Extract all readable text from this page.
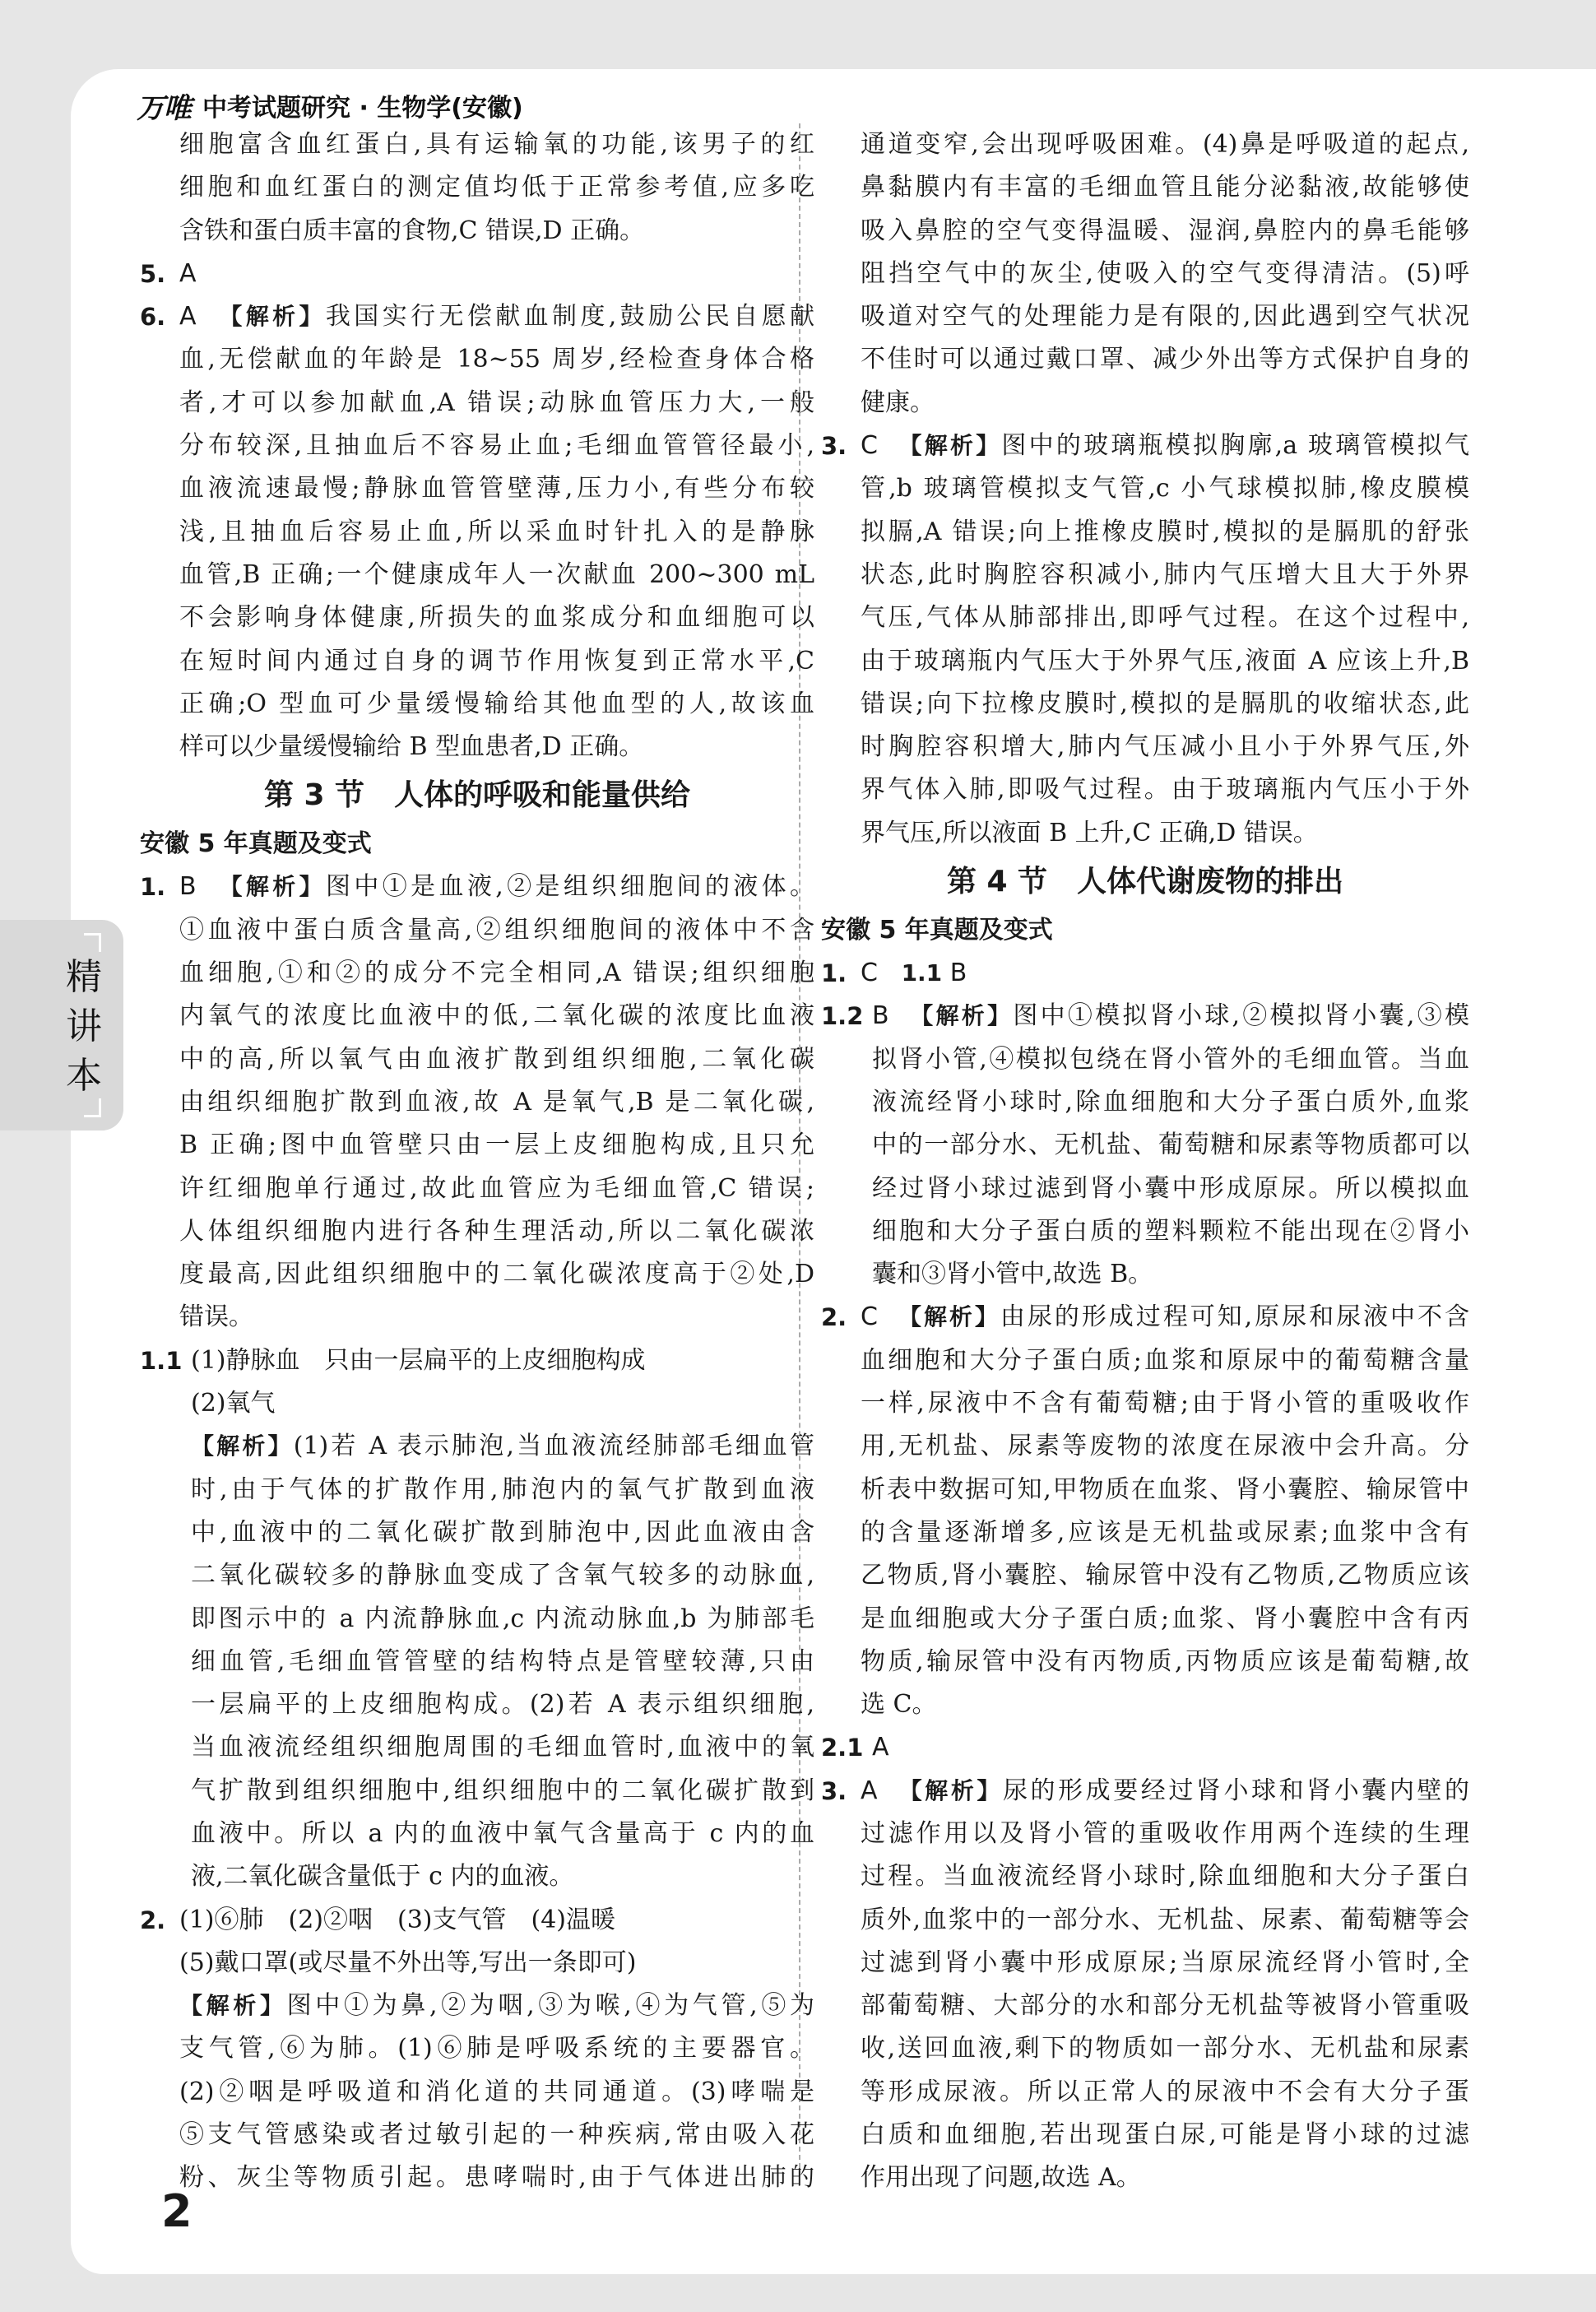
万唯 中考试题研究 · 生物学(安徽)
精讲本
细胞富含血红蛋白,具有运输氧的功能,该男子的红
细胞和血红蛋白的测定值均低于正常参考值,应多吃
含铁和蛋白质丰富的食物,C 错误,D 正确。
5. A
6. A 【解析】我国实行无偿献血制度,鼓励公民自愿献
血,无偿献血的年龄是 18~55 周岁,经检查身体合格
者,才可以参加献血,A 错误;动脉血管压力大,一般
分布较深,且抽血后不容易止血;毛细血管管径最小,
血液流速最慢;静脉血管管壁薄,压力小,有些分布较
浅,且抽血后容易止血,所以采血时针扎入的是静脉
血管,B 正确;一个健康成年人一次献血 200~300 mL
不会影响身体健康,所损失的血浆成分和血细胞可以
在短时间内通过自身的调节作用恢复到正常水平,C
正确;O 型血可少量缓慢输给其他血型的人,故该血
样可以少量缓慢输给 B 型血患者,D 正确。

第 3 节　人体的呼吸和能量供给

安徽 5 年真题及变式

1. B 【解析】图中①是血液,②是组织细胞间的液体。
①血液中蛋白质含量高,②组织细胞间的液体中不含
血细胞,①和②的成分不完全相同,A 错误;组织细胞
内氧气的浓度比血液中的低,二氧化碳的浓度比血液
中的高,所以氧气由血液扩散到组织细胞,二氧化碳
由组织细胞扩散到血液,故 A 是氧气,B 是二氧化碳,
B 正确;图中血管壁只由一层上皮细胞构成,且只允
许红细胞单行通过,故此血管应为毛细血管,C 错误;
人体组织细胞内进行各种生理活动,所以二氧化碳浓
度最高,因此组织细胞中的二氧化碳浓度高于②处,D
错误。
1.1 (1)静脉血　只由一层扁平的上皮细胞构成
(2)氧气
【解析】(1)若 A 表示肺泡,当血液流经肺部毛细血管
时,由于气体的扩散作用,肺泡内的氧气扩散到血液
中,血液中的二氧化碳扩散到肺泡中,因此血液由含
二氧化碳较多的静脉血变成了含氧气较多的动脉血,
即图示中的 a 内流静脉血,c 内流动脉血,b 为肺部毛
细血管,毛细血管管壁的结构特点是管壁较薄,只由
一层扁平的上皮细胞构成。(2)若 A 表示组织细胞,
当血液流经组织细胞周围的毛细血管时,血液中的氧
气扩散到组织细胞中,组织细胞中的二氧化碳扩散到
血液中。所以 a 内的血液中氧气含量高于 c 内的血
液,二氧化碳含量低于 c 内的血液。
2. (1)⑥肺　(2)②咽　(3)支气管　(4)温暖
(5)戴口罩(或尽量不外出等,写出一条即可)
【解析】图中①为鼻,②为咽,③为喉,④为气管,⑤为
支气管,⑥为肺。(1)⑥肺是呼吸系统的主要器官。
(2)②咽是呼吸道和消化道的共同通道。(3)哮喘是
⑤支气管感染或者过敏引起的一种疾病,常由吸入花
粉、灰尘等物质引起。患哮喘时,由于气体进出肺的
通道变窄,会出现呼吸困难。(4)鼻是呼吸道的起点,
鼻黏膜内有丰富的毛细血管且能分泌黏液,故能够使
吸入鼻腔的空气变得温暖、湿润,鼻腔内的鼻毛能够
阻挡空气中的灰尘,使吸入的空气变得清洁。(5)呼
吸道对空气的处理能力是有限的,因此遇到空气状况
不佳时可以通过戴口罩、减少外出等方式保护自身的
健康。
3. C 【解析】图中的玻璃瓶模拟胸廓,a 玻璃管模拟气
管,b 玻璃管模拟支气管,c 小气球模拟肺,橡皮膜模
拟膈,A 错误;向上推橡皮膜时,模拟的是膈肌的舒张
状态,此时胸腔容积减小,肺内气压增大且大于外界
气压,气体从肺部排出,即呼气过程。在这个过程中,
由于玻璃瓶内气压大于外界气压,液面 A 应该上升,B
错误;向下拉橡皮膜时,模拟的是膈肌的收缩状态,此
时胸腔容积增大,肺内气压减小且小于外界气压,外
界气体入肺,即吸气过程。由于玻璃瓶内气压小于外
界气压,所以液面 B 上升,C 正确,D 错误。

第 4 节　人体代谢废物的排出

安徽 5 年真题及变式

1. C 1.1 B
1.2 B 【解析】图中①模拟肾小球,②模拟肾小囊,③模
拟肾小管,④模拟包绕在肾小管外的毛细血管。当血
液流经肾小球时,除血细胞和大分子蛋白质外,血浆
中的一部分水、无机盐、葡萄糖和尿素等物质都可以
经过肾小球过滤到肾小囊中形成原尿。所以模拟血
细胞和大分子蛋白质的塑料颗粒不能出现在②肾小
囊和③肾小管中,故选 B。
2. C 【解析】由尿的形成过程可知,原尿和尿液中不含
血细胞和大分子蛋白质;血浆和原尿中的葡萄糖含量
一样,尿液中不含有葡萄糖;由于肾小管的重吸收作
用,无机盐、尿素等废物的浓度在尿液中会升高。分
析表中数据可知,甲物质在血浆、肾小囊腔、输尿管中
的含量逐渐增多,应该是无机盐或尿素;血浆中含有
乙物质,肾小囊腔、输尿管中没有乙物质,乙物质应该
是血细胞或大分子蛋白质;血浆、肾小囊腔中含有丙
物质,输尿管中没有丙物质,丙物质应该是葡萄糖,故
选 C。
2.1 A
3. A 【解析】尿的形成要经过肾小球和肾小囊内壁的
过滤作用以及肾小管的重吸收作用两个连续的生理
过程。当血液流经肾小球时,除血细胞和大分子蛋白
质外,血浆中的一部分水、无机盐、尿素、葡萄糖等会
过滤到肾小囊中形成原尿;当原尿流经肾小管时,全
部葡萄糖、大部分的水和部分无机盐等被肾小管重吸
收,送回血液,剩下的物质如一部分水、无机盐和尿素
等形成尿液。所以正常人的尿液中不会有大分子蛋
白质和血细胞,若出现蛋白尿,可能是肾小球的过滤
作用出现了问题,故选 A。
2
